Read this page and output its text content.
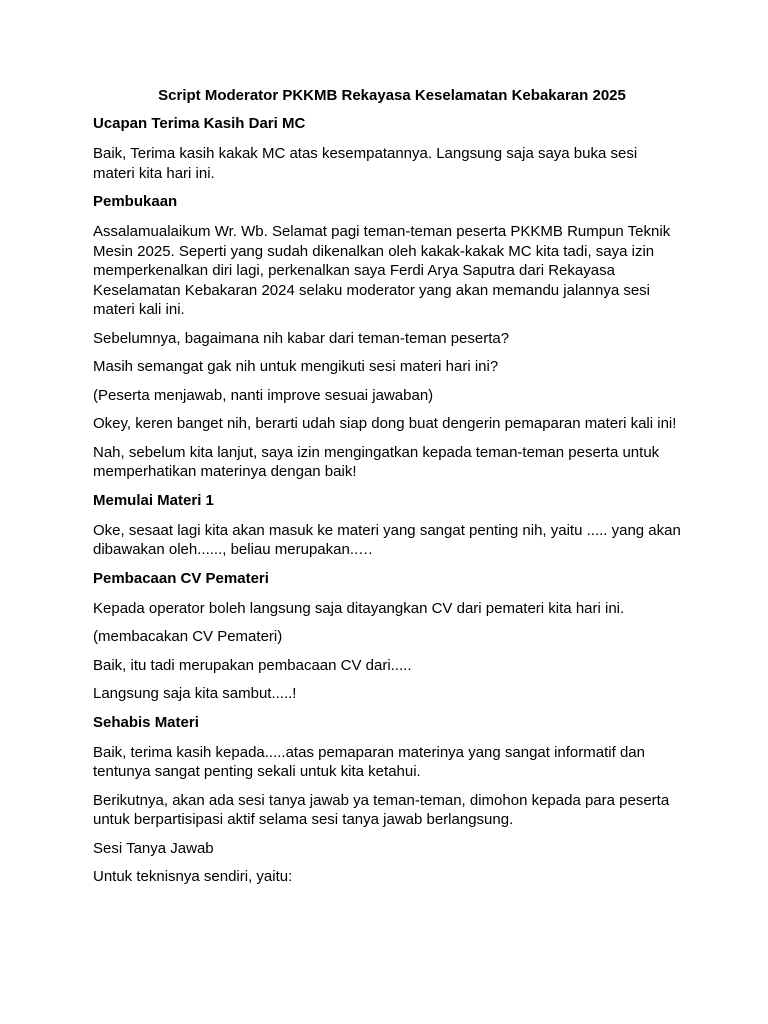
Script Moderator PKKMB Rekayasa Keselamatan Kebakaran 2025
Ucapan Terima Kasih Dari MC
Baik, Terima kasih kakak MC atas kesempatannya. Langsung saja saya buka sesi materi kita hari ini.
Pembukaan
Assalamualaikum Wr. Wb. Selamat pagi teman-teman peserta PKKMB Rumpun Teknik Mesin 2025. Seperti yang sudah dikenalkan oleh kakak-kakak MC kita tadi, saya izin memperkenalkan diri lagi, perkenalkan saya Ferdi Arya Saputra dari Rekayasa Keselamatan Kebakaran 2024 selaku moderator yang akan memandu jalannya sesi materi kali ini.
Sebelumnya, bagaimana nih kabar dari teman-teman peserta?
Masih semangat gak nih untuk mengikuti sesi materi hari ini?
(Peserta menjawab, nanti improve sesuai jawaban)
Okey, keren banget nih, berarti udah siap dong buat dengerin pemaparan materi kali ini!
Nah, sebelum kita lanjut, saya izin mengingatkan kepada teman-teman peserta untuk memperhatikan materinya dengan baik!
Memulai Materi 1
Oke, sesaat lagi kita akan masuk ke materi yang sangat penting nih, yaitu ..... yang akan dibawakan oleh......, beliau merupakan..…
Pembacaan CV Pemateri
Kepada operator boleh langsung saja ditayangkan CV dari pemateri kita hari ini.
(membacakan CV Pemateri)
Baik, itu tadi merupakan pembacaan CV dari.....
Langsung saja kita sambut.....!
Sehabis Materi
Baik, terima kasih kepada.....atas pemaparan materinya yang sangat informatif dan tentunya sangat penting sekali untuk kita ketahui.
Berikutnya, akan ada sesi tanya jawab ya teman-teman, dimohon kepada para peserta untuk berpartisipasi aktif selama sesi tanya jawab berlangsung.
Sesi Tanya Jawab
Untuk teknisnya sendiri, yaitu:
